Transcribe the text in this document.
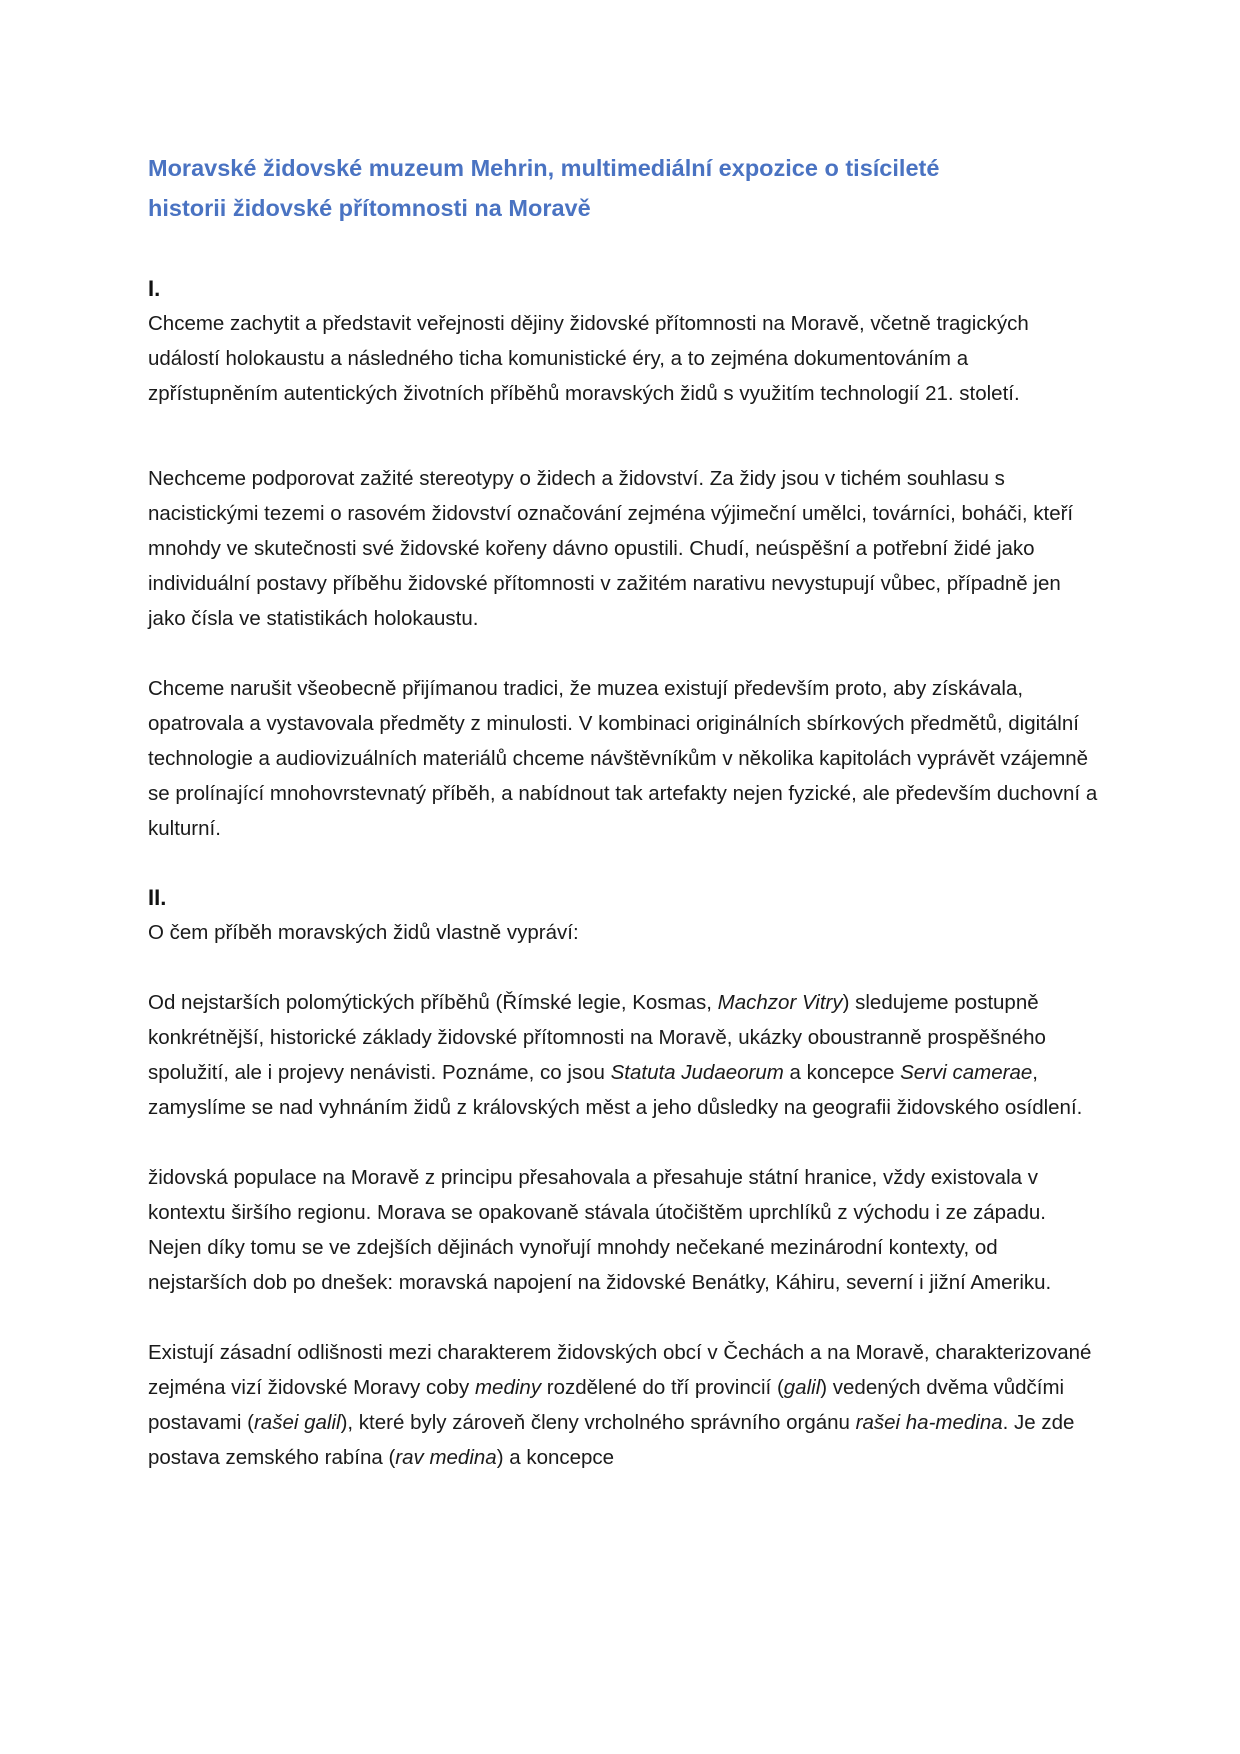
Moravské židovské muzeum Mehrin, multimediální expozice o tisícileté
historii židovské přítomnosti na Moravě
I.

Chceme zachytit a představit veřejnosti dějiny židovské přítomnosti na Moravě, včetně tragických událostí holokaustu a následného ticha komunistické éry, a to zejména dokumentováním a zpřístupněním autentických životních příběhů moravských židů s využitím technologií 21. století.

Nechceme podporovat zažité stereotypy o židech a židovství. Za židy jsou v tichém souhlasu s nacistickými tezemi o rasovém židovství označování zejména výjimeční umělci, továrníci, boháči, kteří mnohdy ve skutečnosti své židovské kořeny dávno opustili. Chudí, neúspěšní a potřební židé jako individuální postavy příběhu židovské přítomnosti v zažitém narativu nevystupují vůbec, případně jen jako čísla ve statistikách holokaustu.

Chceme narušit všeobecně přijímanou tradici, že muzea existují především proto, aby získávala, opatrovala a vystavovala předměty z minulosti. V kombinaci originálních sbírkových předmětů, digitální technologie a audiovizuálních materiálů chceme návštěvníkům v několika kapitolách vyprávět vzájemně se prolínající mnohovrstevnatý příběh, a nabídnout tak artefakty nejen fyzické, ale především duchovní a kulturní.

II.

O čem příběh moravských židů vlastně vypráví:

Od nejstarších polomýtických příběhů (Římské legie, Kosmas, Machzor Vitry) sledujeme postupně konkrétnější, historické základy židovské přítomnosti na Moravě, ukázky oboustranně prospěšného spolužití, ale i projevy nenávisti. Poznáme, co jsou Statuta Judaeorum a koncepce Servi camerae, zamyslíme se nad vyhnáním židů z královských měst a jeho důsledky na geografii židovského osídlení.

židovská populace na Moravě z principu přesahovala a přesahuje státní hranice, vždy existovala v kontextu širšího regionu. Morava se opakovaně stávala útočištěm uprchlíků z východu i ze západu. Nejen díky tomu se ve zdejších dějinách vynořují mnohdy nečekané mezinárodní kontexty, od nejstarších dob po dnešek: moravská napojení na židovské Benátky, Káhiru, severní i jižní Ameriku.

Existují zásadní odlišnosti mezi charakterem židovských obcí v Čechách a na Moravě, charakterizované zejména vizí židovské Moravy coby mediny rozdělené do tří provincií (galil) vedených dvěma vůdčími postavami (rašei galil), které byly zároveň členy vrcholného správního orgánu rašei ha-medina. Je zde postava zemského rabína (rav medina) a koncepce
